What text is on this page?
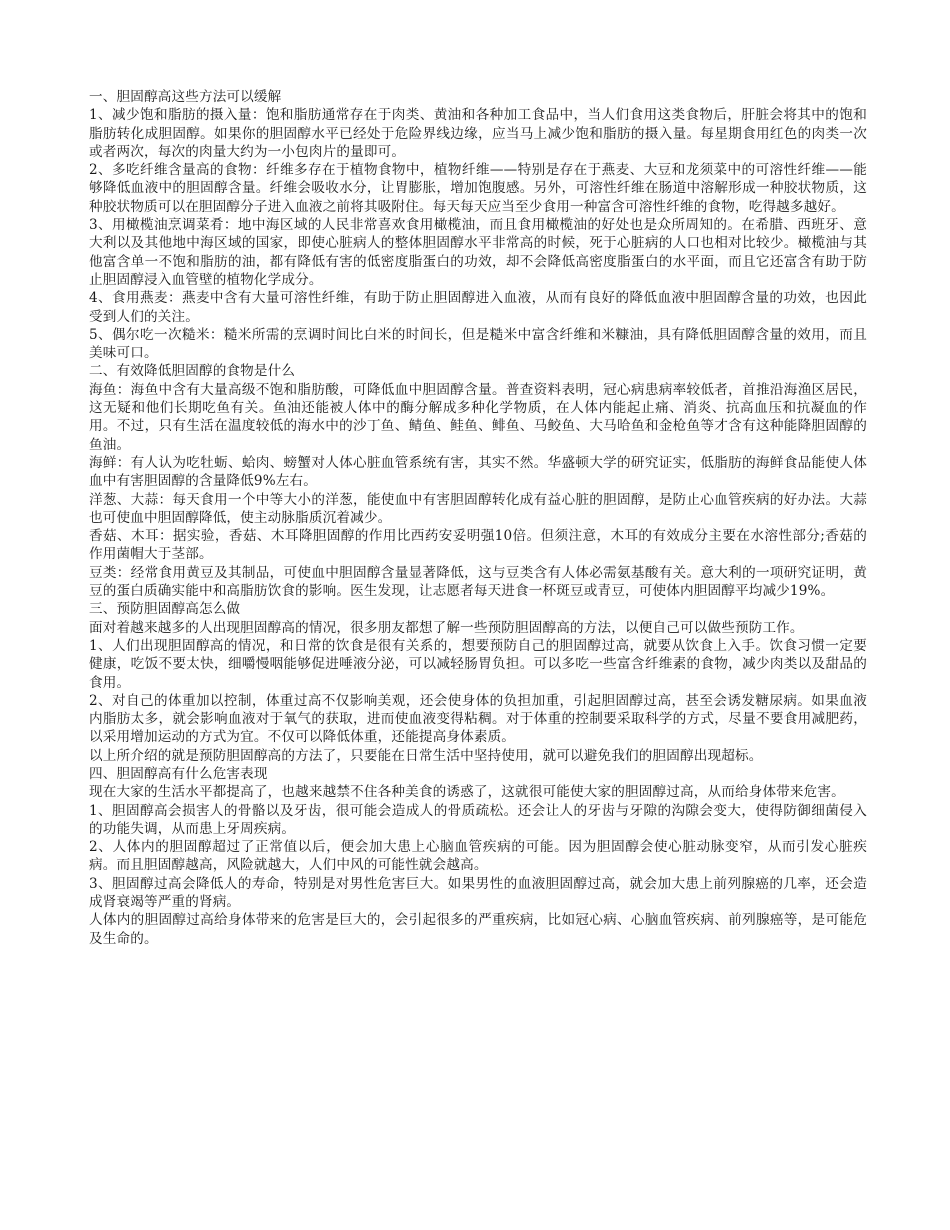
一、胆固醇高这些方法可以缓解

1、减少饱和脂肪的摄入量：饱和脂肪通常存在于肉类、黄油和各种加工食品中，当人们食用这类食物后，肝脏会将其中的饱和脂肪转化成胆固醇。如果你的胆固醇水平已经处于危险界线边缘，应当马上减少饱和脂肪的摄入量。每星期食用红色的肉类一次或者两次，每次的肉量大约为一小包肉片的量即可。

2、多吃纤维含量高的食物：纤维多存在于植物食物中，植物纤维——特别是存在于燕麦、大豆和龙须菜中的可溶性纤维——能够降低血液中的胆固醇含量。纤维会吸收水分，让胃膨胀，增加饱腹感。另外，可溶性纤维在肠道中溶解形成一种胶状物质，这种胶状物质可以在胆固醇分子进入血液之前将其吸附住。每天每天应当至少食用一种富含可溶性纤维的食物，吃得越多越好。

3、用橄榄油烹调菜肴：地中海区域的人民非常喜欢食用橄榄油，而且食用橄榄油的好处也是众所周知的。在希腊、西班牙、意大利以及其他地中海区域的国家，即使心脏病人的整体胆固醇水平非常高的时候，死于心脏病的人口也相对比较少。橄榄油与其他富含单一不饱和脂肪的油，都有降低有害的低密度脂蛋白的功效，却不会降低高密度脂蛋白的水平面，而且它还富含有助于防止胆固醇浸入血管壁的植物化学成分。

4、食用燕麦：燕麦中含有大量可溶性纤维，有助于防止胆固醇进入血液，从而有良好的降低血液中胆固醇含量的功效，也因此受到人们的关注。

5、偶尔吃一次糙米：糙米所需的烹调时间比白米的时间长，但是糙米中富含纤维和米糠油，具有降低胆固醇含量的效用，而且美味可口。

二、有效降低胆固醇的食物是什么

海鱼：海鱼中含有大量高级不饱和脂肪酸，可降低血中胆固醇含量。普查资料表明，冠心病患病率较低者，首推沿海渔区居民，这无疑和他们长期吃鱼有关。鱼油还能被人体中的酶分解成多种化学物质，在人体内能起止痛、消炎、抗高血压和抗凝血的作用。不过，只有生活在温度较低的海水中的沙丁鱼、鲭鱼、鲑鱼、鲱鱼、马鲛鱼、大马哈鱼和金枪鱼等才含有这种能降胆固醇的鱼油。

海鲜：有人认为吃牡蛎、蛤肉、螃蟹对人体心脏血管系统有害，其实不然。华盛顿大学的研究证实，低脂肪的海鲜食品能使人体血中有害胆固醇的含量降低9%左右。

洋葱、大蒜：每天食用一个中等大小的洋葱，能使血中有害胆固醇转化成有益心脏的胆固醇，是防止心血管疾病的好办法。大蒜也可使血中胆固醇降低，使主动脉脂质沉着减少。

香菇、木耳：据实验，香菇、木耳降胆固醇的作用比西药安妥明强10倍。但须注意，木耳的有效成分主要在水溶性部分;香菇的作用菌帽大于茎部。

豆类：经常食用黄豆及其制品，可使血中胆固醇含量显著降低，这与豆类含有人体必需氨基酸有关。意大利的一项研究证明，黄豆的蛋白质确实能中和高脂肪饮食的影响。医生发现，让志愿者每天进食一杯斑豆或青豆，可使体内胆固醇平均减少19%。

三、预防胆固醇高怎么做

面对着越来越多的人出现胆固醇高的情况，很多朋友都想了解一些预防胆固醇高的方法，以便自己可以做些预防工作。

1、人们出现胆固醇高的情况，和日常的饮食是很有关系的，想要预防自己的胆固醇过高，就要从饮食上入手。饮食习惯一定要健康，吃饭不要太快，细嚼慢咽能够促进唾液分泌，可以减轻肠胃负担。可以多吃一些富含纤维素的食物，减少肉类以及甜品的食用。

2、对自己的体重加以控制，体重过高不仅影响美观，还会使身体的负担加重，引起胆固醇过高，甚至会诱发糖尿病。如果血液内脂肪太多，就会影响血液对于氧气的获取，进而使血液变得粘稠。对于体重的控制要采取科学的方式，尽量不要食用减肥药，以采用增加运动的方式为宜。不仅可以降低体重，还能提高身体素质。

以上所介绍的就是预防胆固醇高的方法了，只要能在日常生活中坚持使用，就可以避免我们的胆固醇出现超标。

四、胆固醇高有什么危害表现

现在大家的生活水平都提高了，也越来越禁不住各种美食的诱惑了，这就很可能使大家的胆固醇过高，从而给身体带来危害。

1、胆固醇高会损害人的骨骼以及牙齿，很可能会造成人的骨质疏松。还会让人的牙齿与牙隙的沟隙会变大，使得防御细菌侵入的功能失调，从而患上牙周疾病。

2、人体内的胆固醇超过了正常值以后，便会加大患上心脑血管疾病的可能。因为胆固醇会使心脏动脉变窄，从而引发心脏疾病。而且胆固醇越高，风险就越大，人们中风的可能性就会越高。

3、胆固醇过高会降低人的寿命，特别是对男性危害巨大。如果男性的血液胆固醇过高，就会加大患上前列腺癌的几率，还会造成肾衰竭等严重的肾病。

人体内的胆固醇过高给身体带来的危害是巨大的，会引起很多的严重疾病，比如冠心病、心脑血管疾病、前列腺癌等，是可能危及生命的。
